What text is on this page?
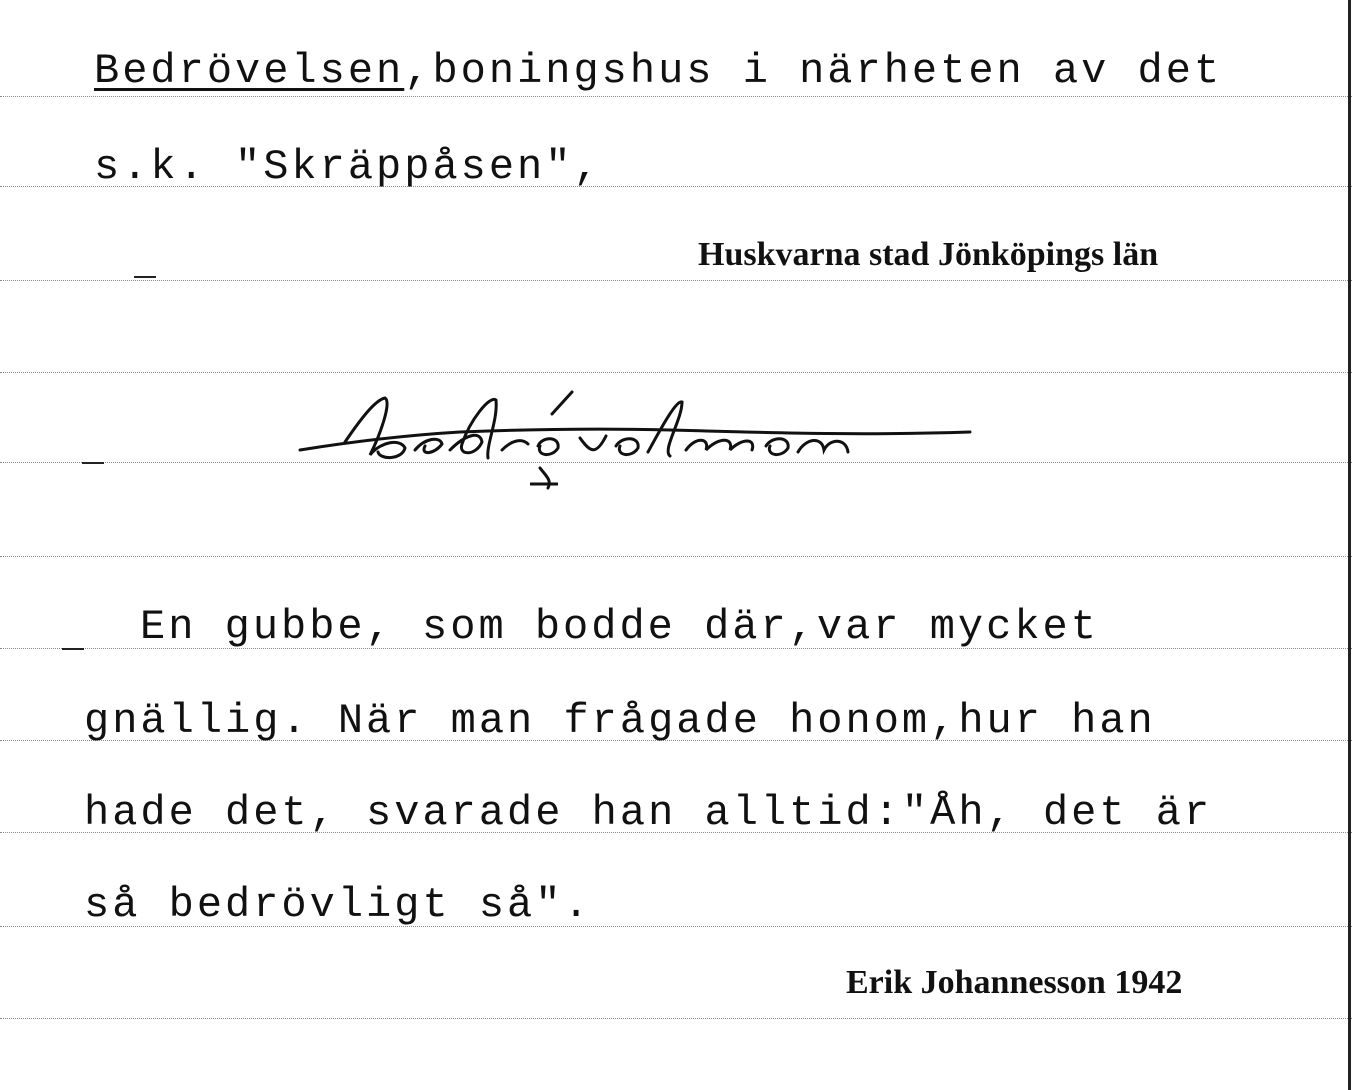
Bedrövelsen,boningshus i närheten av det
s.k. "Skräppåsen",
Huskvarna stad Jönköpings län
En gubbe, som bodde där,var mycket
gnällig. När man frågade honom,hur han
hade det, svarade han alltid:"Åh, det är
så bedrövligt så".
Erik Johannesson 1942
